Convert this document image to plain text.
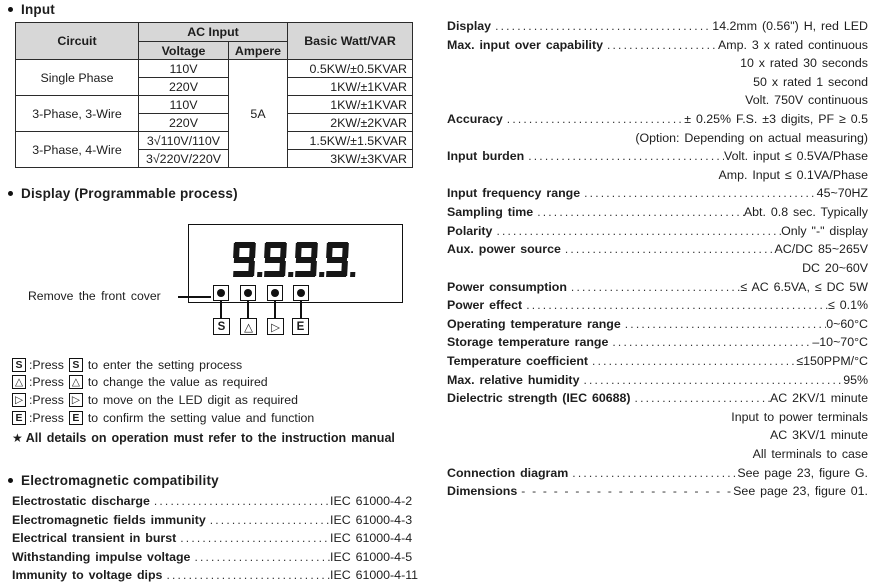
Input
Circuit	AC Input		Basic Watt/VAR
	Voltage	Ampere	
Single Phase	110V	5A	0.5KW/±0.5KVAR
	220V		1KW/±1KVAR
3-Phase, 3-Wire	110V		1KW/±1KVAR
	220V		2KW/±2KVAR
3-Phase, 4-Wire	3√110V/110V		1.5KW/±1.5KVAR
	3√220V/220V		3KW/±3KVAR
Display (Programmable process)
Remove the front cover
S	△	▷	E
S :Press S to enter the setting process
△ :Press △ to change the value as required
▷ :Press ▷ to move on the LED digit as required
E :Press E to confirm the setting value and function
★ All details on operation must refer to the instruction manual
Electromagnetic compatibility
Electrostatic discharge .....	IEC 61000-4-2
Electromagnetic fields immunity .....	IEC 61000-4-3
Electrical transient in burst .....	IEC 61000-4-4
Withstanding impulse voltage .....	IEC 61000-4-5
Immunity to voltage dips .....	IEC 61000-4-11
Display .....	14.2mm (0.56") H, red LED
Max. input over capability .....	Amp. 3 x rated continuous
10 x rated 30 seconds
50 x rated 1 second
Volt. 750V continuous
Accuracy .....	± 0.25% F.S. ±3 digits, PF ≥ 0.5
(Option: Depending on actual measuring)
Input burden .....	Volt. input ≤ 0.5VA/Phase
Amp. Input ≤ 0.1VA/Phase
Input frequency range .....	45~70HZ
Sampling time .....	Abt. 0.8 sec. Typically
Polarity .....	Only "-" display
Aux. power source .....	AC/DC 85~265V
DC 20~60V
Power consumption .....	≤ AC 6.5VA, ≤ DC 5W
Power effect .....	≤ 0.1%
Operating temperature range .....	0~60°C
Storage temperature range .....	–10~70°C
Temperature coefficient .....	≤150PPM/°C
Max. relative humidity .....	95%
Dielectric strength (IEC 60688) .....	AC 2KV/1 minute
Input to power terminals
AC 3KV/1 minute
All terminals to case
Connection diagram .....	See page 23, figure G.
Dimensions - - -	See page 23, figure 01.
